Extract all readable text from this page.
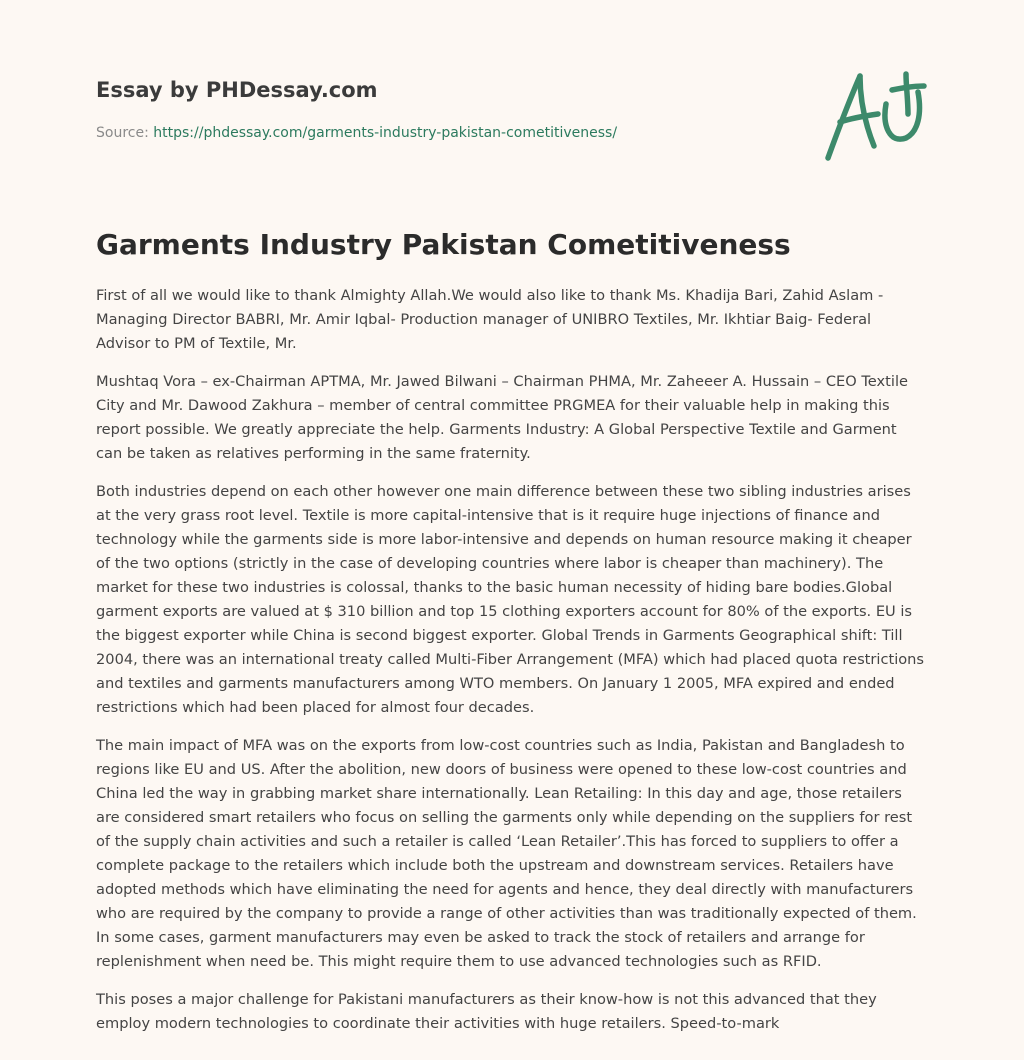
Essay by PHDessay.com
Source: https://phdessay.com/garments-industry-pakistan-cometitiveness/
Garments Industry Pakistan Cometitiveness

First of all we would like to thank Almighty Allah.We would also like to thank Ms. Khadija Bari, Zahid Aslam - Managing Director BABRI, Mr. Amir Iqbal- Production manager of UNIBRO Textiles, Mr. Ikhtiar Baig- Federal Advisor to PM of Textile, Mr.

Mushtaq Vora – ex-Chairman APTMA, Mr. Jawed Bilwani – Chairman PHMA, Mr. Zaheeer A. Hussain – CEO Textile City and Mr. Dawood Zakhura – member of central committee PRGMEA for their valuable help in making this report possible. We greatly appreciate the help. Garments Industry: A Global Perspective Textile and Garment can be taken as relatives performing in the same fraternity.

Both industries depend on each other however one main difference between these two sibling industries arises at the very grass root level. Textile is more capital-intensive that is it require huge injections of finance and technology while the garments side is more labor-intensive and depends on human resource making it cheaper of the two options (strictly in the case of developing countries where labor is cheaper than machinery). The market for these two industries is colossal, thanks to the basic human necessity of hiding bare bodies.Global garment exports are valued at $ 310 billion and top 15 clothing exporters account for 80% of the exports. EU is the biggest exporter while China is second biggest exporter. Global Trends in Garments Geographical shift: Till 2004, there was an international treaty called Multi-Fiber Arrangement (MFA) which had placed quota restrictions and textiles and garments manufacturers among WTO members. On January 1 2005, MFA expired and ended restrictions which had been placed for almost four decades.

The main impact of MFA was on the exports from low-cost countries such as India, Pakistan and Bangladesh to regions like EU and US. After the abolition, new doors of business were opened to these low-cost countries and China led the way in grabbing market share internationally. Lean Retailing: In this day and age, those retailers are considered smart retailers who focus on selling the garments only while depending on the suppliers for rest of the supply chain activities and such a retailer is called ‘Lean Retailer’.This has forced to suppliers to offer a complete package to the retailers which include both the upstream and downstream services. Retailers have adopted methods which have eliminating the need for agents and hence, they deal directly with manufacturers who are required by the company to provide a range of other activities than was traditionally expected of them. In some cases, garment manufacturers may even be asked to track the stock of retailers and arrange for replenishment when need be. This might require them to use advanced technologies such as RFID.

This poses a major challenge for Pakistani manufacturers as their know-how is not this advanced that they employ modern technologies to coordinate their activities with huge retailers. Speed-to-mark
